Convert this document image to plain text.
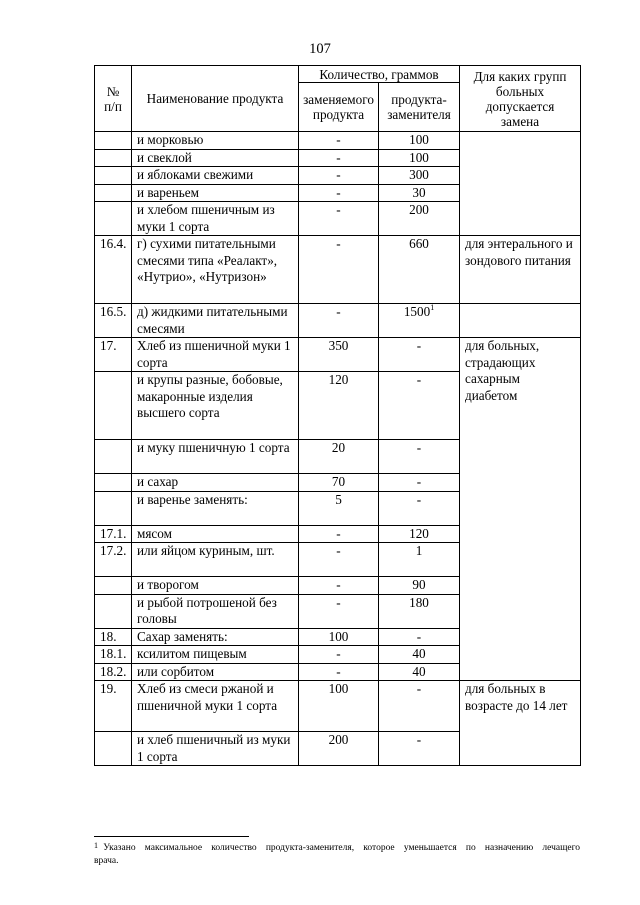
107
№
п/п	Наименование продукта	Количество, граммов		Для каких групп больных допускается замена
		заменяемого продукта	продукта-заменителя	
	и морковью	-	100	
	и свеклой	-	100	
	и яблоками свежими	-	300	
	и вареньем	-	30	
	и хлебом пшеничным из муки 1 сорта	-	200	
16.4.	г) сухими питательными смесями типа «Реалакт», «Нутрио», «Нутризон»	-	660	для энтерального и зондового питания
16.5.	д) жидкими питательными смесями	-	1500$^1$	
17.	Хлеб из пшеничной муки 1 сорта	350	-	для больных, страдающих сахарным диабетом
	и крупы разные, бобовые, макаронные изделия высшего сорта	120	-	
	и муку пшеничную 1 сорта	20	-	
	и сахар	70	-	
	и варенье заменять:	5	-	
17.1.	мясом	-	120	
17.2.	или яйцом куриным, шт.	-	1	
	и творогом	-	90	
	и рыбой потрошеной без головы	-	180	
18.	Сахар заменять:	100	-	
18.1.	ксилитом пищевым	-	40	
18.2.	или сорбитом	-	40	
19.	Хлеб из смеси ржаной и пшеничной муки 1 сорта	100	-	для больных в возрасте до 14 лет
	и хлеб пшеничный из муки 1 сорта	200	-	
$^1$ Указано максимальное количество продукта-заменителя, которое уменьшается по назначению лечащего врача.
